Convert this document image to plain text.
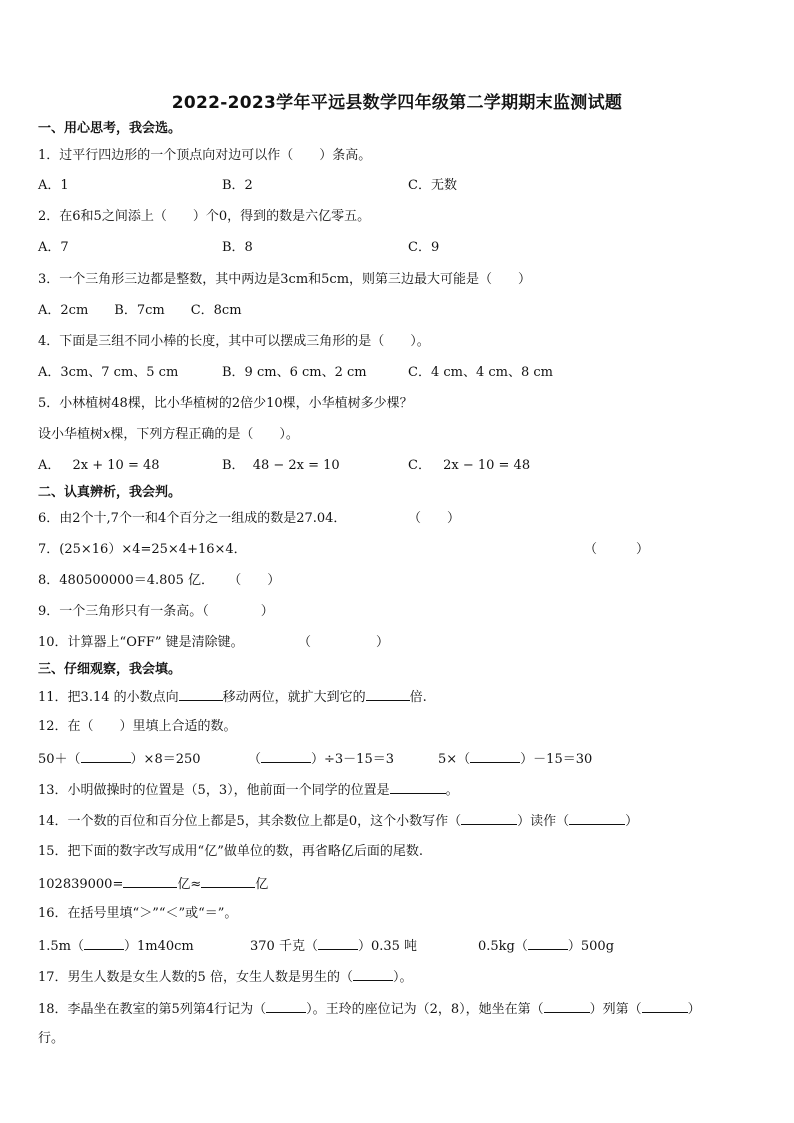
2022-2023学年平远县数学四年级第二学期期末监测试题
一、用心思考，我会选。
1．过平行四边形的一个顶点向对边可以作（　　）条高。
A．1	B．2	C．无数
2．在6和5之间添上（　　）个0，得到的数是六亿零五。
A．7	B．8	C．9
3．一个三角形三边都是整数，其中两边是3cm和5cm，则第三边最大可能是（　　）
A．2cm　　B．7cm　　C．8cm
4．下面是三组不同小棒的长度，其中可以摆成三角形的是（　　）。
A．3cm、7 cm、5 cm	B．9 cm、6 cm、2 cm	C．4 cm、4 cm、8 cm
5．小林植树48棵，比小华植树的2倍少10棵，小华植树多少棵？
设小华植树x棵，下列方程正确的是（　　）。
A． 2x + 10 = 48	B． 48 − 2x = 10	C． 2x − 10 = 48
二、认真辨析，我会判。
6．由2个十,7个一和4个百分之一组成的数是27.04．	（　　）
7．(25×16）×4=25×4+16×4．	（　　　）
8．480500000＝4.805 亿． （　　）
9．一个三角形只有一条高。（　　　　）
10．计算器上“OFF” 键是清除键。	（　　　　　）
三、仔细观察，我会填。
11．把3.14 的小数点向	移动两位，就扩大到它的	倍.
12．在（　　）里填上合适的数。
50＋（	）×8＝250	（	）÷3－15＝3	5×（	）－15＝30
13．小明做操时的位置是（5，3），他前面一个同学的位置是	。
14．一个数的百位和百分位上都是5，其余数位上都是0，这个小数写作（	）读作（	）
15．把下面的数字改写成用“亿”做单位的数，再省略亿后面的尾数.
102839000=	亿≈	亿
16．在括号里填“＞”“＜”或“＝”。
1.5m（	）1m40cm	370 千克（	）0.35 吨	0.5kg（	）500g
17．男生人数是女生人数的5 倍，女生人数是男生的（	）。
18．李晶坐在教室的第5列第4行记为（	）。王玲的座位记为（2，8），她坐在第（	）列第（	）
行。
